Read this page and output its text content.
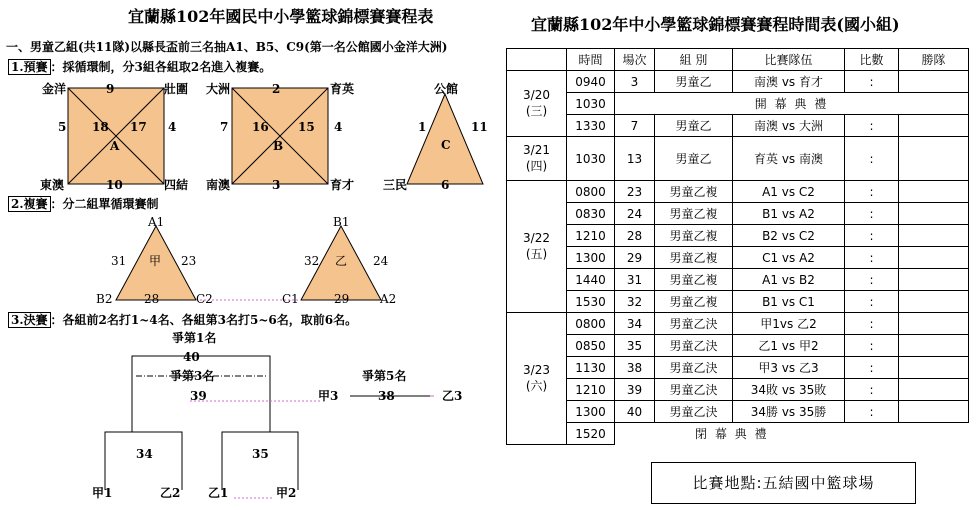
宜蘭縣102年國民中小學籃球錦標賽賽程表
一、男童乙組(共11隊)以縣長盃前三名抽A1、B5、C9(第一名公館國小金洋大洲)
1.預賽 ：採循環制，分3組各組取2名進入複賽。
金洋	壯圍
東澳	四結
9
10
5	4
18 17
A
大洲	育英
南澳	育才
2
3
7	4
16 15
B
公館
三民
1	11
6
C
2.複賽 ：分二組單循環賽制
A1
B2	C2
31	23
28
甲
B1
C1	A2
32	24
29
乙
3.決賽 ：各組前2名打1~4名、各組第3名打5~6名，取前6名。
爭第1名
40
爭第3名
39
爭第5名
38
甲3	乙3
34	35
甲1	乙2 乙1	甲2
宜蘭縣102年中小學籃球錦標賽賽程時間表(國小組)
	時間	場次	組 別	比賽隊伍	比數	勝隊

3/20
(三)	0940	3	男童乙	南澳 vs 育才	:	
	1030	開 幕 典 禮				
	1330	7	男童乙	南澳 vs 大洲	:	

3/21
(四)	1030	13	男童乙	育英 vs 南澳	:	

3/22
(五)	0800	23	男童乙複	A1 vs C2	:	
	0830	24	男童乙複	B1 vs A2	:	
	1210	28	男童乙複	B2 vs C2	:	
	1300	29	男童乙複	C1 vs A2	:	
	1440	31	男童乙複	A1 vs B2	:	
	1530	32	男童乙複	B1 vs C1	:	

3/23
(六)	0800	34	男童乙決	甲1vs 乙2	:	
	0850	35	男童乙決	乙1 vs 甲2	:	
	1130	38	男童乙決	甲3 vs 乙3	:	
	1210	39	男童乙決	34敗 vs 35敗	:	
	1300	40	男童乙決	34勝 vs 35勝	:	
	1520	閉 幕 典 禮				
比賽地點:五結國中籃球場
